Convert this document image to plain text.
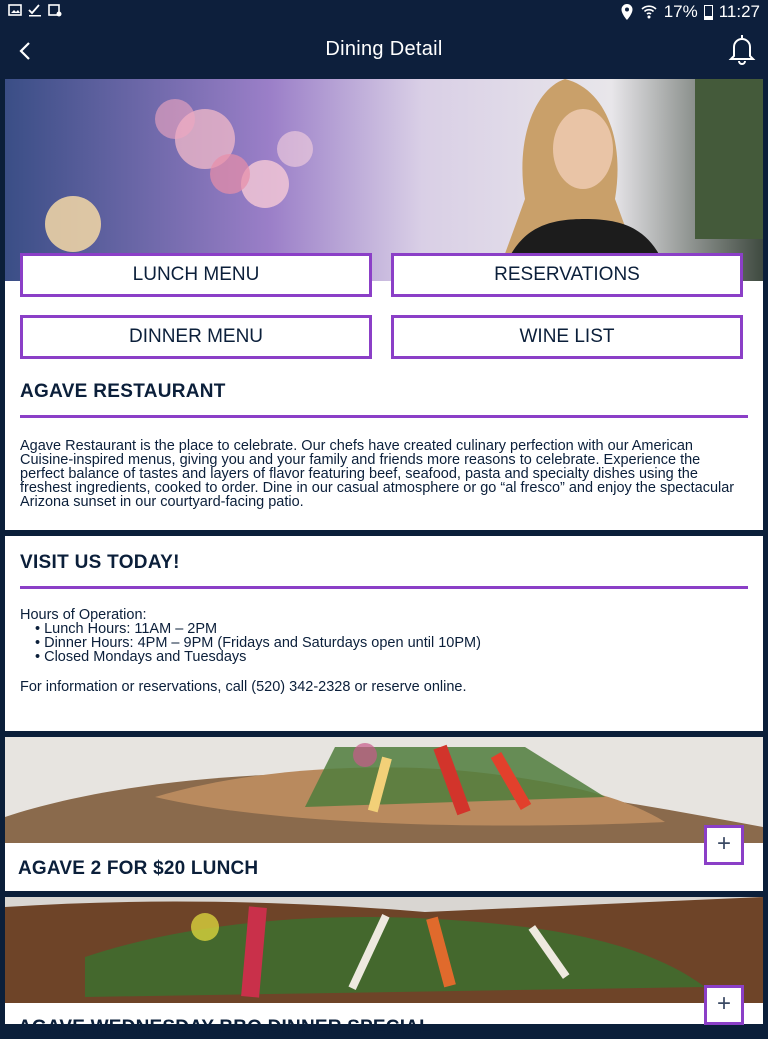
17% 11:27
Dining Detail
LUNCH MENU	RESERVATIONS
DINNER MENU	WINE LIST
AGAVE RESTAURANT
Agave Restaurant is the place to celebrate. Our chefs have created culinary perfection with our American Cuisine-inspired menus, giving you and your family and friends more reasons to celebrate. Experience the perfect balance of tastes and layers of flavor featuring beef, seafood, pasta and specialty dishes using the freshest ingredients, cooked to order. Dine in our casual atmosphere or go “al fresco” and enjoy the spectacular Arizona sunset in our courtyard-facing patio.
VISIT US TODAY!
Hours of Operation:
• Lunch Hours: 11AM – 2PM
• Dinner Hours: 4PM – 9PM (Fridays and Saturdays open until 10PM)
• Closed Mondays and Tuesdays
For information or reservations, call (520) 342-2328 or reserve online.
AGAVE 2 FOR $20 LUNCH
+
AGAVE WEDNESDAY BBQ DINNER SPECIAL
+
